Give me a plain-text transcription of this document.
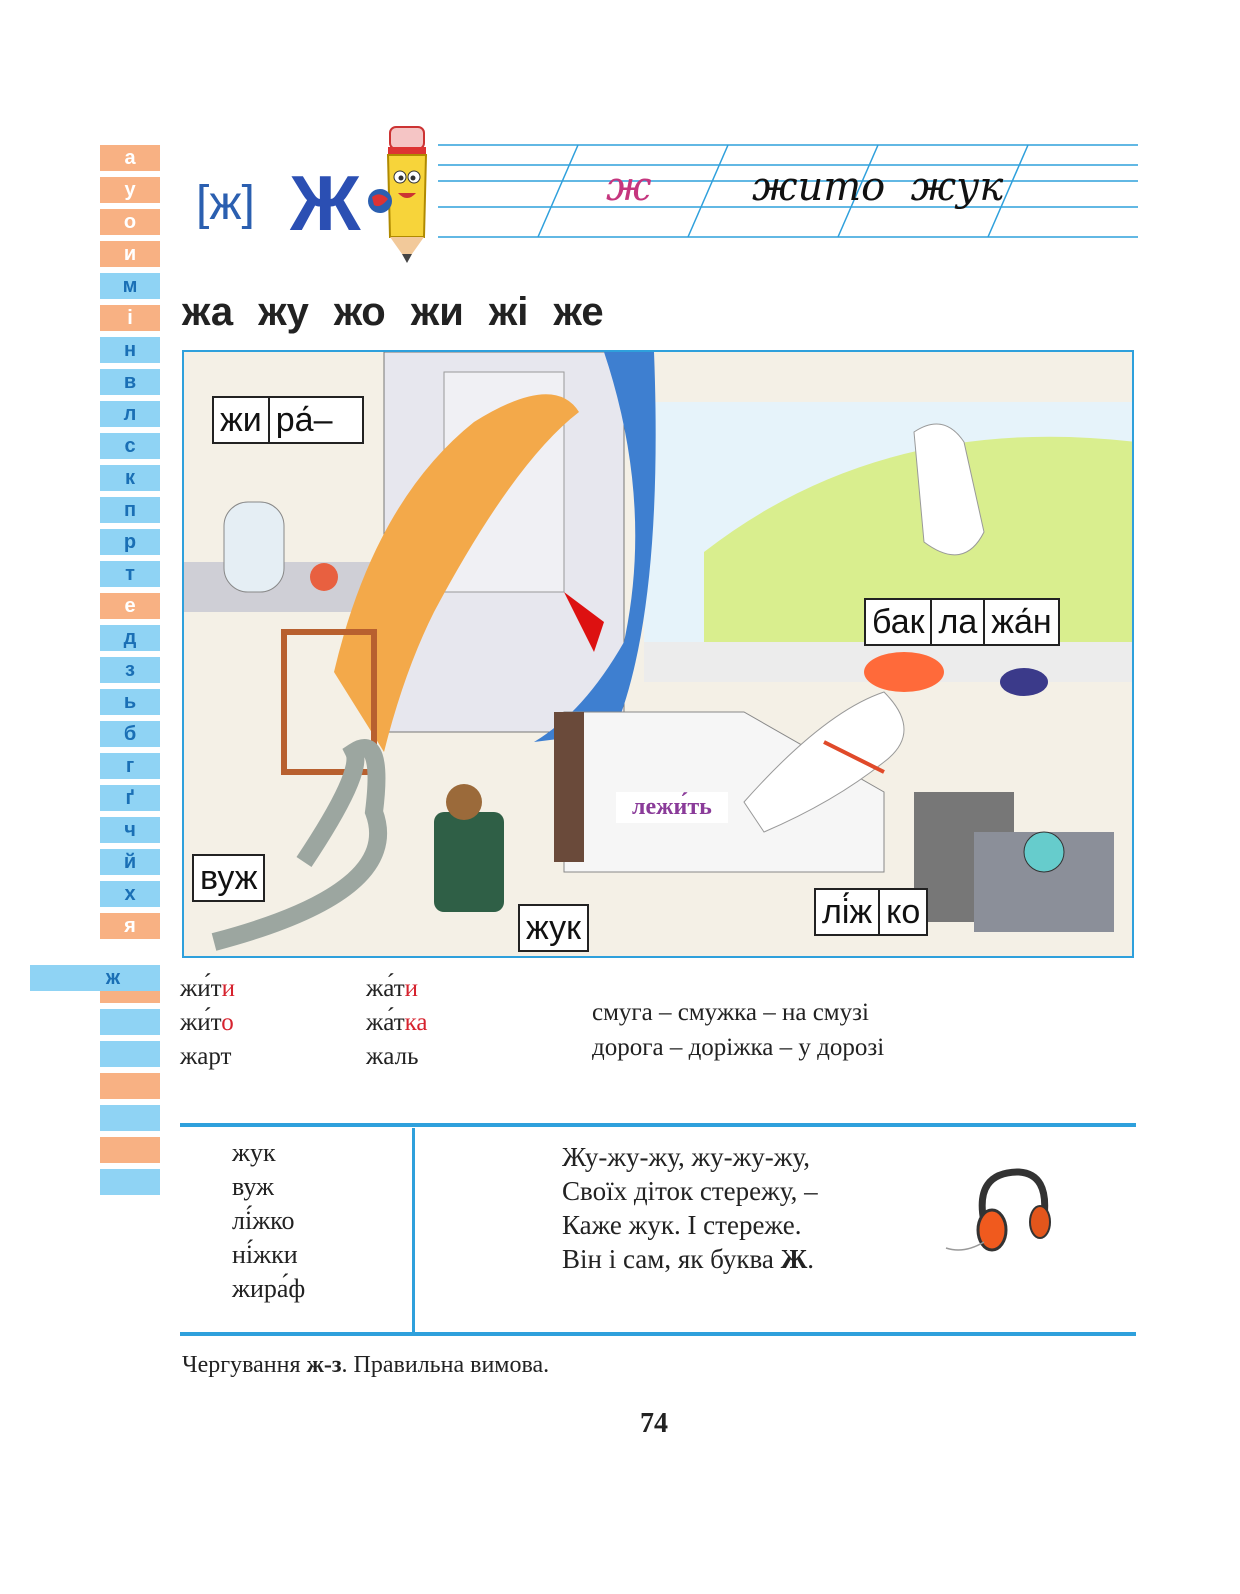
а
у
о
и
м
і
н
в
л
с
к
п
р
т
е
д
з
ь
б
г
ґ
ч
й
х
я
ж
[ж] Ж	ж	жито  жук
жа жу жо жи жі же
жи ра́–
бак ла жа́н
вуж
жук	лі́ж ко
лежи́ть
жи́ти
жи́то
жарт
жа́ти
жа́тка
жаль
смуга – смужка – на смузі
дорога – доріжка – у дорозі
жук
вуж
лі́жко
ні́жки
жира́ф
Жу-жу-жу, жу-жу-жу,
Своїх діток стережу, –
Каже жук. І стереже.
Він і сам, як буква Ж.
Чергування ж-з. Правильна вимова.
74
